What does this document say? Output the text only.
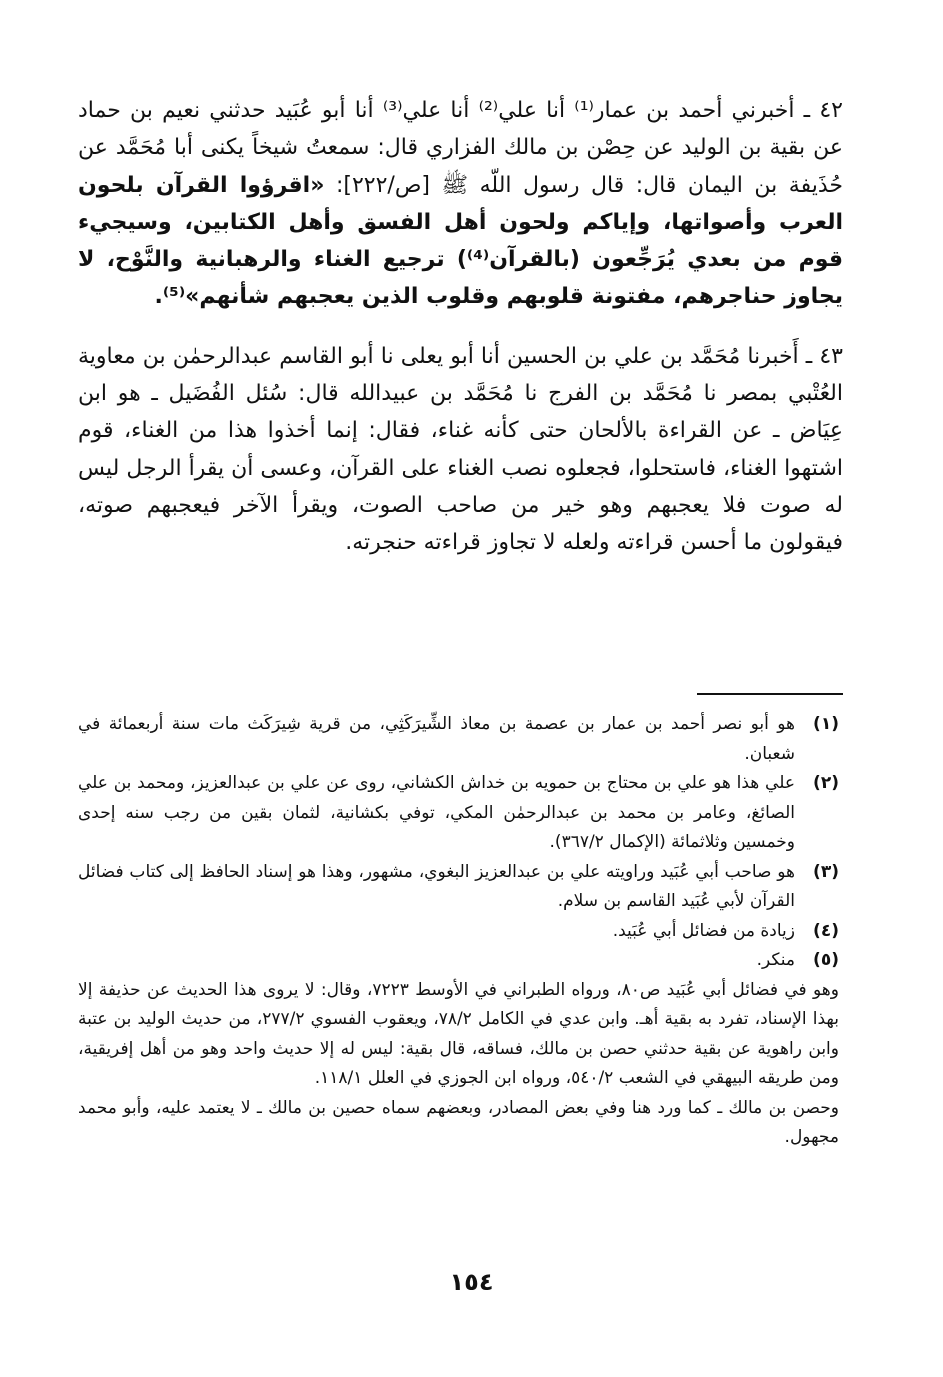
٤٢ ـ أخبرني أحمد بن عمار⁽¹⁾ أنا علي⁽²⁾ أنا علي⁽³⁾ أنا أبو عُبَيد حدثني نعيم بن حماد عن بقية بن الوليد عن حِصْن بن مالك الفزاري قال: سمعتُ شيخاً يكنى أبا مُحَمَّد عن حُذَيفة بن اليمان قال: قال رسول اللّه ﷺ [ص/٢٢٢]: «اقرؤوا القرآن بلحون العرب وأصواتها، وإياكم ولحون أهل الفسق وأهل الكتابين، وسيجيء قوم من بعدي يُرَجِّعون (بالقرآن⁽⁴⁾) ترجيع الغناء والرهبانية والنَّوْح، لا يجاوز حناجرهم، مفتونة قلوبهم وقلوب الذين يعجبهم شأنهم»⁽⁵⁾.

٤٣ ـ أَخبرنا مُحَمَّد بن علي بن الحسين أنا أبو يعلى نا أبو القاسم عبدالرحمٰن بن معاوية العُتْبي بمصر نا مُحَمَّد بن الفرج نا مُحَمَّد بن عبيدالله قال: سُئل الفُضَيل ـ هو ابن عِيَاض ـ عن القراءة بالألحان حتى كأنه غناء، فقال: إنما أخذوا هذا من الغناء، قوم اشتهوا الغناء، فاستحلوا، فجعلوه نصب الغناء على القرآن، وعسى أن يقرأ الرجل ليس له صوت فلا يعجبهم وهو خير من صاحب الصوت، ويقرأ الآخر فيعجبهم صوته، فيقولون ما أحسن قراءته ولعله لا تجاوز قراءته حنجرته.

(١)
هو أبو نصر أحمد بن عمار بن عصمة بن معاذ الشِّيرَكَثِي، من قرية شِيرَكَث مات سنة أربعمائة في شعبان.
(٢)
علي هذا هو علي بن محتاج بن حمويه بن خداش الكشاني، روى عن علي بن عبدالعزيز، ومحمد بن علي الصائغ، وعامر بن محمد بن عبدالرحمٰن المكي، توفي بكشانية، لثمان بقين من رجب سنه إحدى وخمسين وثلاثمائة (الإكمال ٣٦٧/٢).
(٣)
هو صاحب أبي عُبَيد وراويته علي بن عبدالعزيز البغوي، مشهور، وهذا هو إسناد الحافظ إلى كتاب فضائل القرآن لأبي عُبَيد القاسم بن سلام.
(٤)
زيادة من فضائل أبي عُبَيد.
(٥)
منكر.
وهو في فضائل أبي عُبَيد ص٨٠، ورواه الطبراني في الأوسط ٧٢٢٣، وقال: لا يروى هذا الحديث عن حذيفة إلا بهذا الإسناد، تفرد به بقية أهـ. وابن عدي في الكامل ٧٨/٢، ويعقوب الفسوي ٢٧٧/٢، من حديث الوليد بن عتبة وابن راهوية عن بقية حدثني حصن بن مالك، فساقه، قال بقية: ليس له إلا حديث واحد وهو من أهل إفريقية، ومن طريقه البيهقي في الشعب ٥٤٠/٢، ورواه ابن الجوزي في العلل ١١٨/١.
وحصن بن مالك ـ كما ورد هنا وفي بعض المصادر، وبعضهم سماه حصين بن مالك ـ لا يعتمد عليه، وأبو محمد مجهول.
١٥٤
